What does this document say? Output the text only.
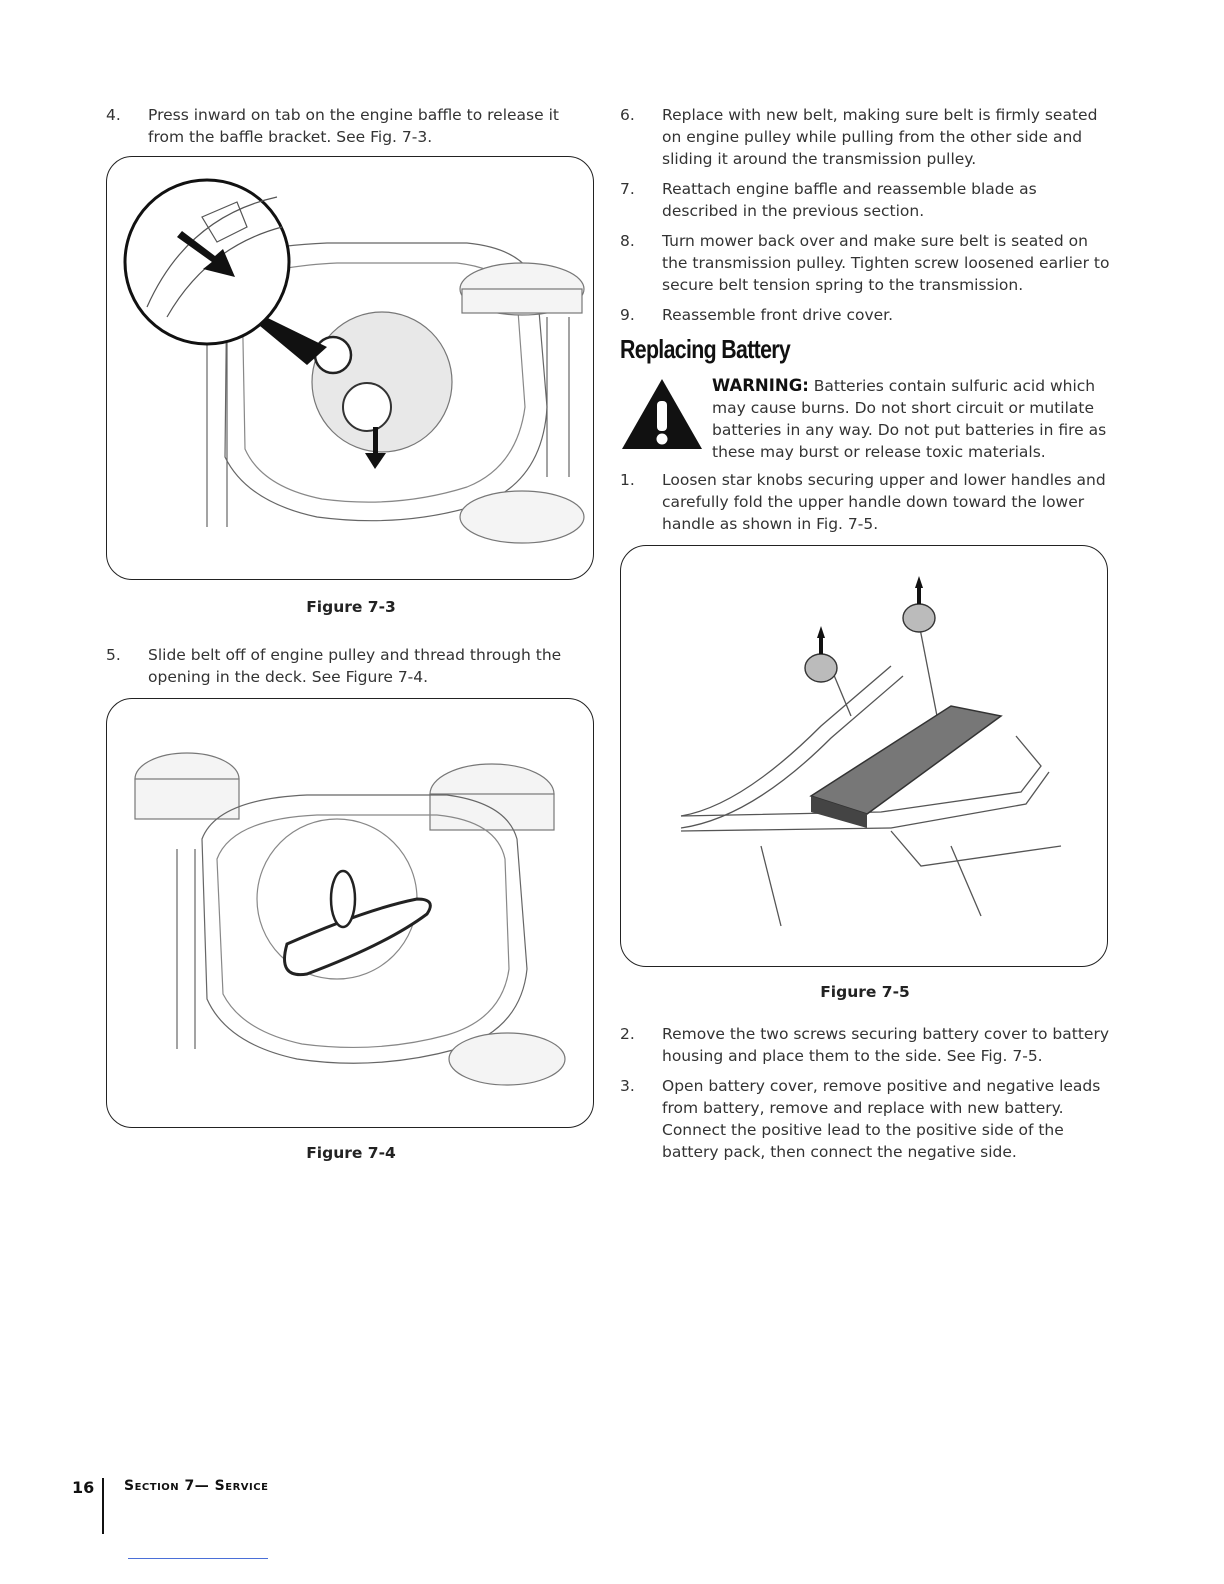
4.	Press inward on tab on the engine baffle to release it from the baffle bracket. See Fig. 7-3.
Figure 7-3
5.	Slide belt off of engine pulley and thread through the opening in the deck. See Figure 7-4.
Figure 7-4
6.	Replace with new belt, making sure belt is firmly seated on engine pulley while pulling from the other side and sliding it around the transmission pulley.
7.	Reattach engine baffle and reassemble blade as described in the previous section.
8.	Turn mower back over and make sure belt is seated on the transmission pulley. Tighten screw loosened earlier to secure belt tension spring to the transmission.
9.	Reassemble front drive cover.
Replacing Battery
WARNING: Batteries contain sulfuric acid which may cause burns. Do not short circuit or mutilate batteries in any way. Do not put batteries in fire as these may burst or release toxic materials.
1.	Loosen star knobs securing upper and lower handles and carefully fold the upper handle down toward the lower handle as shown in Fig. 7-5.
Figure 7-5
2.	Remove the two screws securing battery cover to battery housing and place them to the side. See Fig. 7-5.
3.	Open battery cover, remove positive and negative leads from battery, remove and replace with new battery. Connect the positive lead to the positive side of the battery pack, then connect the negative side.
16	Section 7— Service
